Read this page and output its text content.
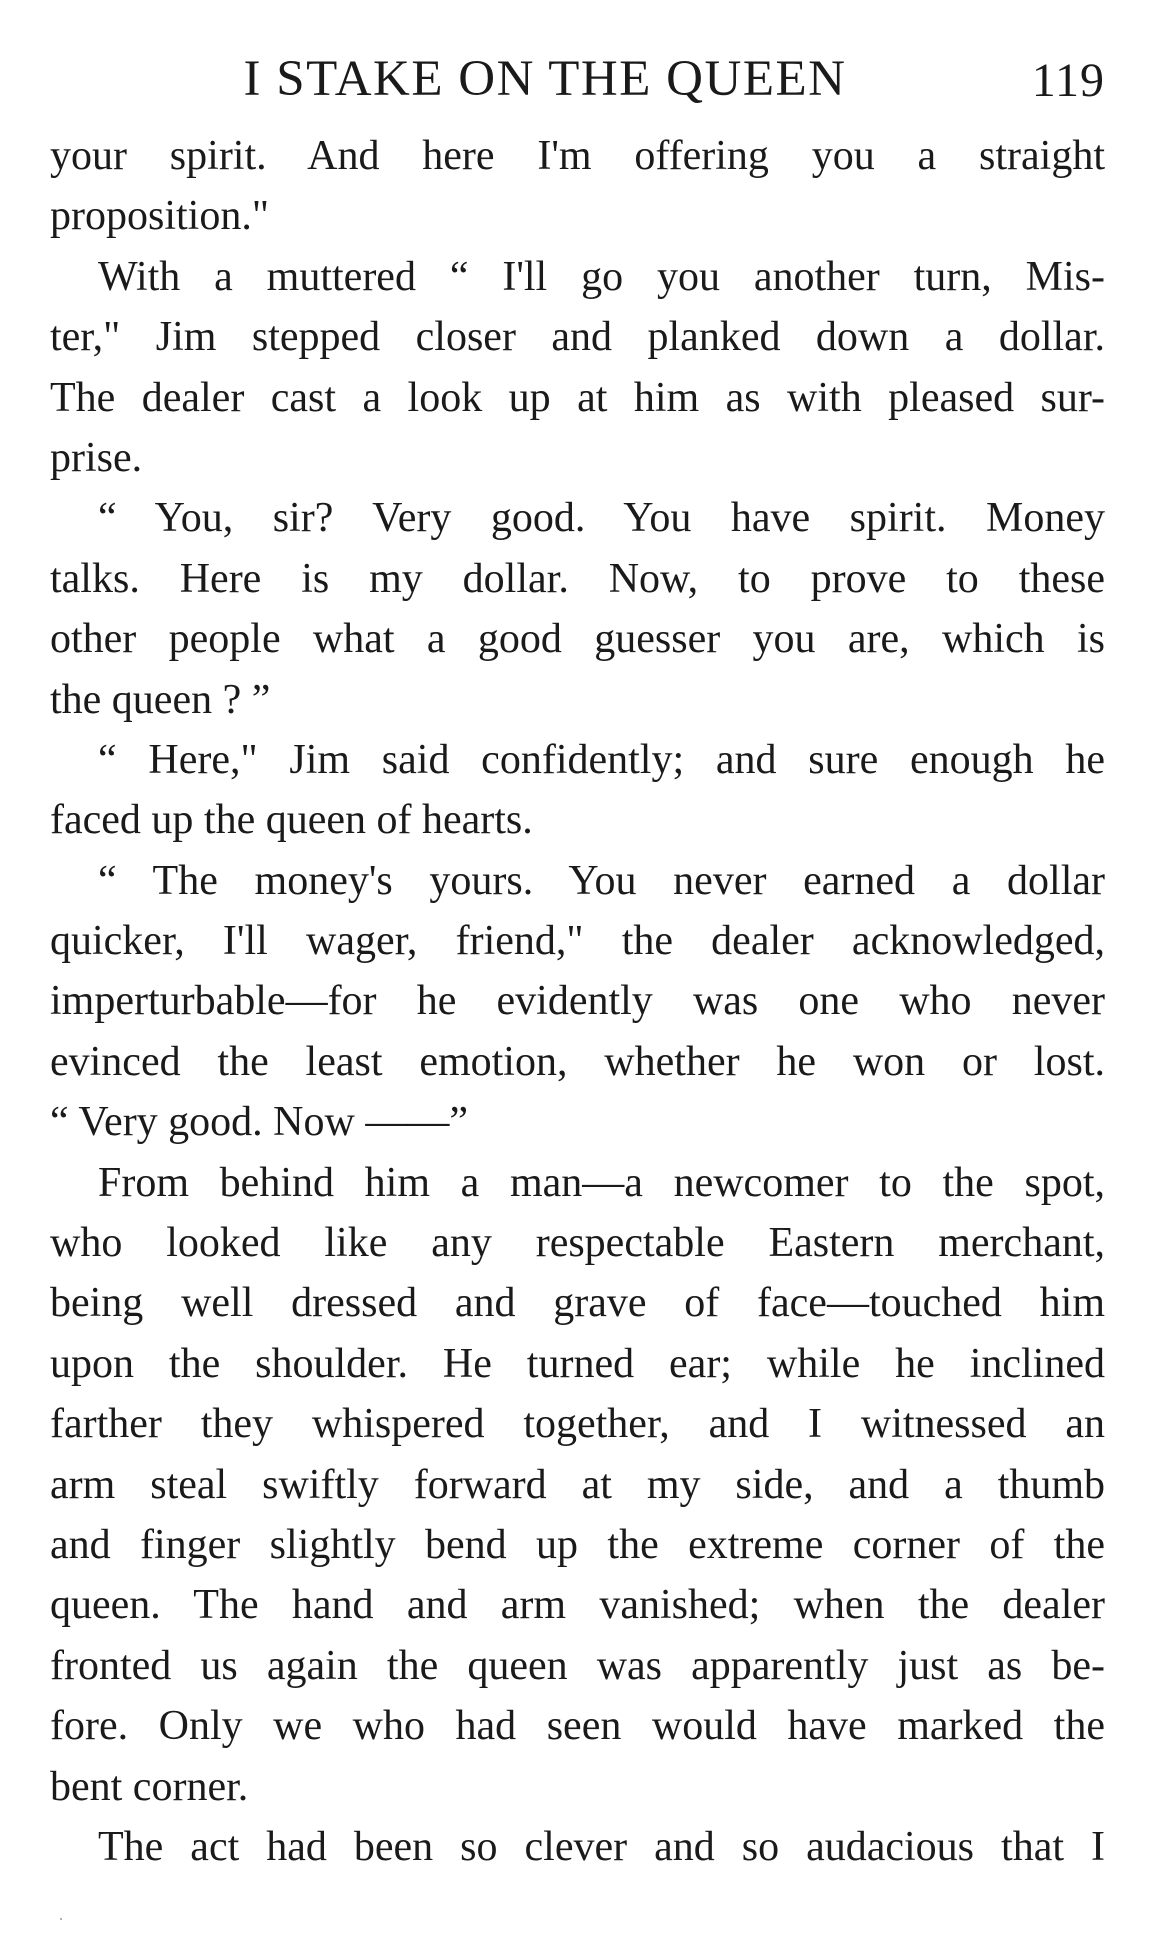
I STAKE ON THE QUEEN	119
your spirit. And here I'm offering you a straight
proposition."
With a muttered “ I'll go you another turn, Mis-
ter," Jim stepped closer and planked down a dollar.
The dealer cast a look up at him as with pleased sur-
prise.
“ You, sir? Very good. You have spirit. Money
talks. Here is my dollar. Now, to prove to these
other people what a good guesser you are, which is
the queen ? ”
“ Here," Jim said confidently; and sure enough he
faced up the queen of hearts.
“ The money's yours. You never earned a dollar
quicker, I'll wager, friend," the dealer acknowledged,
imperturbable—for he evidently was one who never
evinced the least emotion, whether he won or lost.
“ Very good. Now ——”
From behind him a man—a newcomer to the spot,
who looked like any respectable Eastern merchant,
being well dressed and grave of face—touched him
upon the shoulder. He turned ear; while he inclined
farther they whispered together, and I witnessed an
arm steal swiftly forward at my side, and a thumb
and finger slightly bend up the extreme corner of the
queen. The hand and arm vanished; when the dealer
fronted us again the queen was apparently just as be-
fore. Only we who had seen would have marked the
bent corner.
The act had been so clever and so audacious that I
